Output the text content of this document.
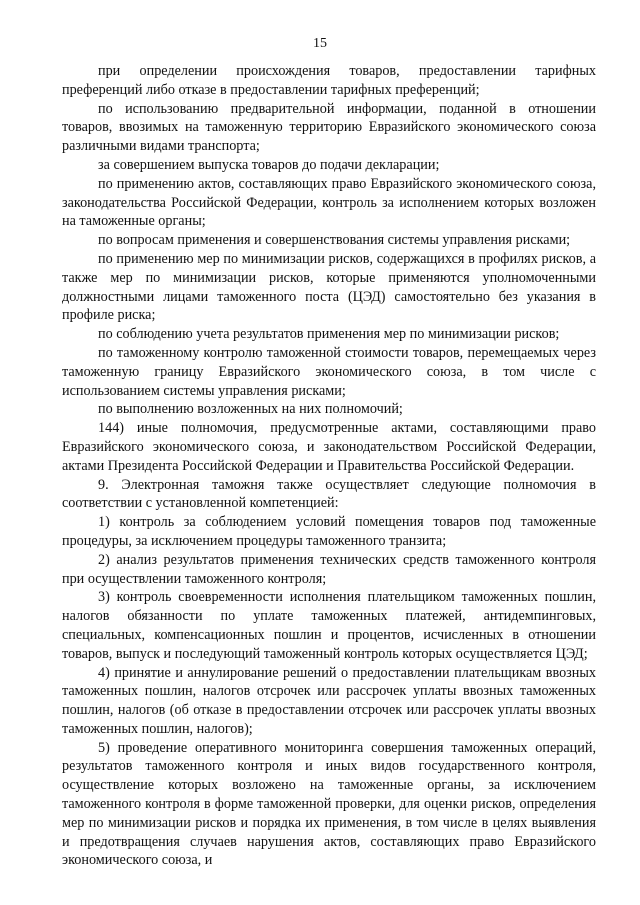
15

при определении происхождения товаров, предоставлении тарифных преференций либо отказе в предоставлении тарифных преференций;

по использованию предварительной информации, поданной в отношении товаров, ввозимых на таможенную территорию Евразийского экономического союза различными видами транспорта;

за совершением выпуска товаров до подачи декларации;

по применению актов, составляющих право Евразийского экономического союза, законодательства Российской Федерации, контроль за исполнением которых возложен на таможенные органы;

по вопросам применения и совершенствования системы управления рисками;

по применению мер по минимизации рисков, содержащихся в профилях рисков, а также мер по минимизации рисков, которые применяются уполномоченными должностными лицами таможенного поста (ЦЭД) самостоятельно без указания в профиле риска;

по соблюдению учета результатов применения мер по минимизации рисков;

по таможенному контролю таможенной стоимости товаров, перемещаемых через таможенную границу Евразийского экономического союза, в том числе с использованием системы управления рисками;

по выполнению возложенных на них полномочий;

144) иные полномочия, предусмотренные актами, составляющими право Евразийского экономического союза, и законодательством Российской Федерации, актами Президента Российской Федерации и Правительства Российской Федерации.

9. Электронная таможня также осуществляет следующие полномочия в соответствии с установленной компетенцией:

1) контроль за соблюдением условий помещения товаров под таможенные процедуры, за исключением процедуры таможенного транзита;

2) анализ результатов применения технических средств таможенного контроля при осуществлении таможенного контроля;

3) контроль своевременности исполнения плательщиком таможенных пошлин, налогов обязанности по уплате таможенных платежей, антидемпинговых, специальных, компенсационных пошлин и процентов, исчисленных в отношении товаров, выпуск и последующий таможенный контроль которых осуществляется ЦЭД;

4) принятие и аннулирование решений о предоставлении плательщикам ввозных таможенных пошлин, налогов отсрочек или рассрочек уплаты ввозных таможенных пошлин, налогов (об отказе в предоставлении отсрочек или рассрочек уплаты ввозных таможенных пошлин, налогов);

5) проведение оперативного мониторинга совершения таможенных операций, результатов таможенного контроля и иных видов государственного контроля, осуществление которых возложено на таможенные органы, за исключением таможенного контроля в форме таможенной проверки, для оценки рисков, определения мер по минимизации рисков и порядка их применения, в том числе в целях выявления и предотвращения случаев нарушения актов, составляющих право Евразийского экономического союза, и
